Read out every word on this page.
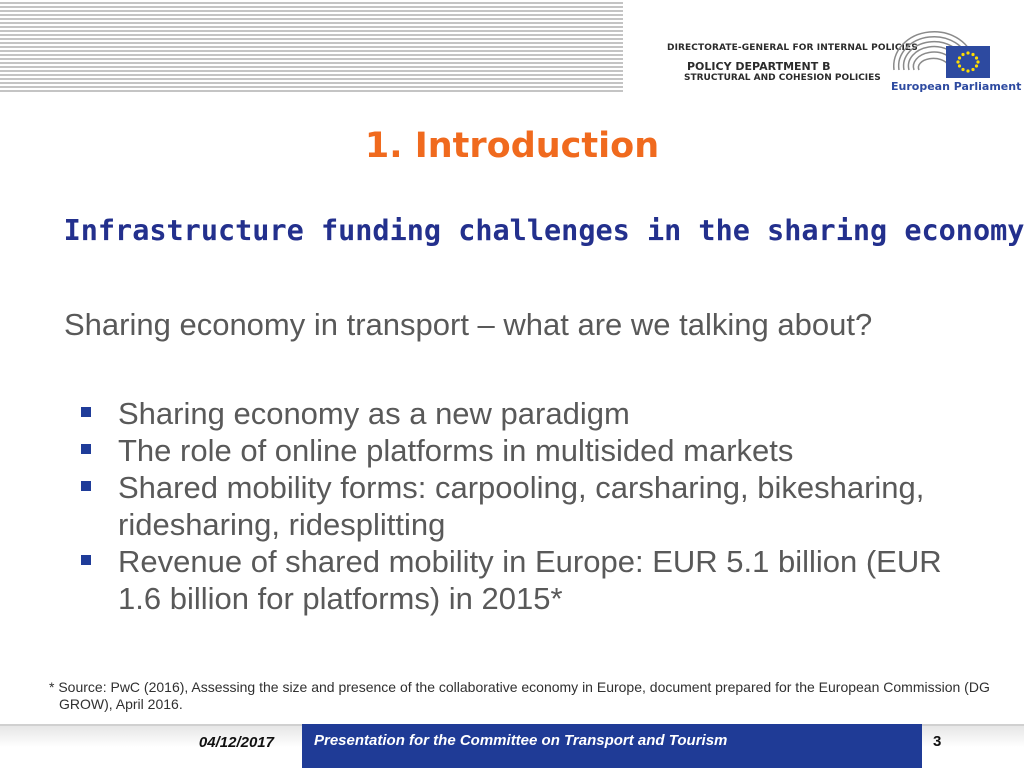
DIRECTORATE-GENERAL FOR INTERNAL POLICIES
POLICY DEPARTMENT B
STRUCTURAL AND COHESION POLICIES
European Parliament
1. Introduction
Infrastructure funding challenges in the sharing economy

Sharing economy in transport – what are we talking about?

Sharing economy as a new paradigm
The role of online platforms in multisided markets
Shared mobility forms: carpooling, carsharing, bikesharing, ridesharing, ridesplitting
Revenue of shared mobility in Europe: EUR 5.1 billion (EUR 1.6 billion for platforms) in 2015*

* Source: PwC (2016), Assessing the size and presence of the collaborative economy in Europe, document prepared for the European Commission (DG GROW), April 2016.

04/12/2017	Presentation for the Committee on Transport and Tourism	3
